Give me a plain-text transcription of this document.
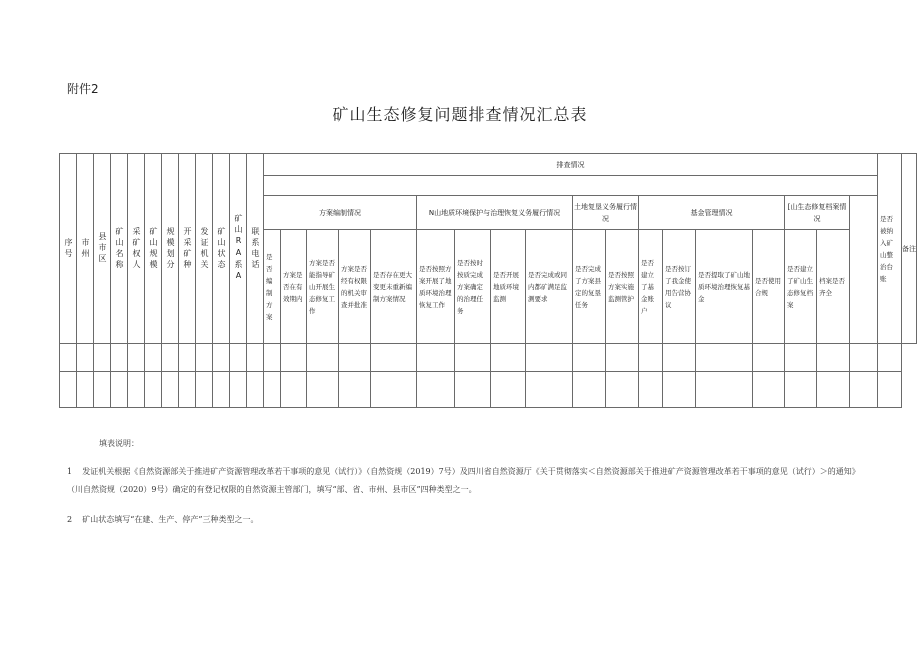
附件2
矿山生态修复问题排查情况汇总表
序号	市州	县市区	矿山名称	采矿权人	矿山规模	规模划分	开采矿种	发证机关	矿山状态	矿山RA系A	联系电话	排查情况																		是否被纳入矿山整治台账	备注

												方案编制情况					N山地质环境保护与治理恢复义务履行情况				土地复垦义务履行情况		基金管理情况				[山生态修复档案情况				

												是否编制方案	方案是否在有效期内	方案是否能指导矿山开展生态修复工作	方案是否经有权限的机关审查并批准	是否存在更大变更未重新编制方案情况	是否按照方案开展了地质环境治理恢复工作	是否按时按质完成方案确定的治理任务	是否开展地质环境监测	是否完成或同内都矿满足监测要求	是否完成了方案县定的复垦任务	是否按照方案实施监测管护	是否建立了基金账户	是否按订了我金使用告营协议	是否提取了矿山地质环境治理恢复基金	是否使用合规	是否建立了矿山生态修复档案	档案是否齐全			

填表说明：

1 发证机关根据《自然资源部关于推进矿产资源管理改革若干事项的意见（试行）》（自然资规（2019）7号）及四川省自然资源厅《关于贯彻落实＜自然资源部关于推进矿产资源管理改革若干事项的意见（试行）＞的通知》（川自然资规（2020）9号）确定的有登记权限的自然资源主管部门，填写“部、省、市州、县市区”四种类型之一。

2 矿山状态填写“在建、生产、停产”三种类型之一。
